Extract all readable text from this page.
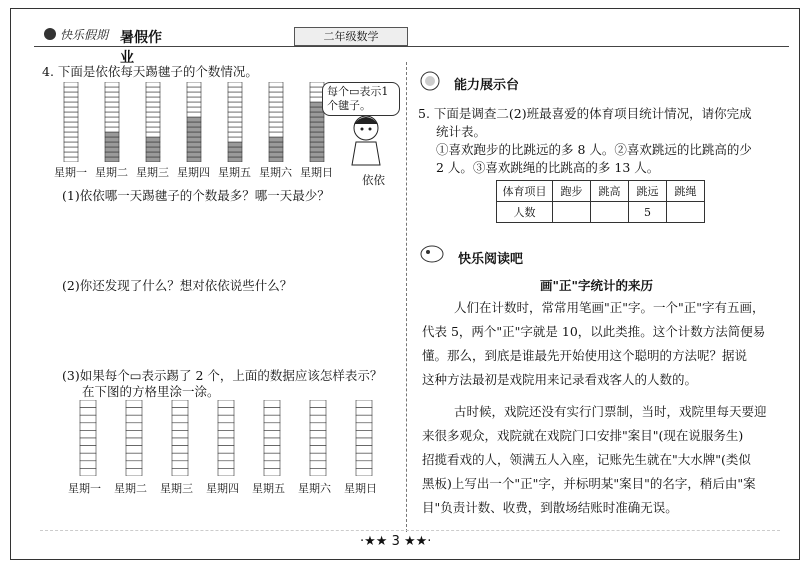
快乐假期 暑假作业
二年级数学
4. 下面是依依每天踢毽子的个数情况。
星期一 星期二 星期三 星期四 星期五 星期六 星期日
每个▭表示1个毽子。
依依
(1)依依哪一天踢毽子的个数最多？哪一天最少？
(2)你还发现了什么？想对依依说些什么？
(3)如果每个▭表示踢了 2 个，上面的数据应该怎样表示？
在下图的方格里涂一涂。
星期一 星期二 星期三 星期四 星期五 星期六 星期日
能力展示台
5. 下面是调查二(2)班最喜爱的体育项目统计情况，请你完成
统计表。
①喜欢跑步的比跳远的多 8 人。②喜欢跳远的比跳高的少
2 人。③喜欢跳绳的比跳高的多 13 人。
体育项目	跑步	跳高	跳远	跳绳
人数			5	
快乐阅读吧
画"正"字统计的来历
人们在计数时，常常用笔画"正"字。一个"正"字有五画，
代表 5，两个"正"字就是 10，以此类推。这个计数方法简便易
懂。那么，到底是谁最先开始使用这个聪明的方法呢？据说
这种方法最初是戏院用来记录看戏客人的人数的。
古时候，戏院还没有实行门票制，当时，戏院里每天要迎
来很多观众，戏院就在戏院门口安排"案目"(现在说服务生)
招揽看戏的人，领满五人入座，记账先生就在"大水牌"(类似
黑板)上写出一个"正"字，并标明某"案目"的名字，稍后由"案
目"负责计数、收费，到散场结账时准确无误。
·★★ 3 ★★·
